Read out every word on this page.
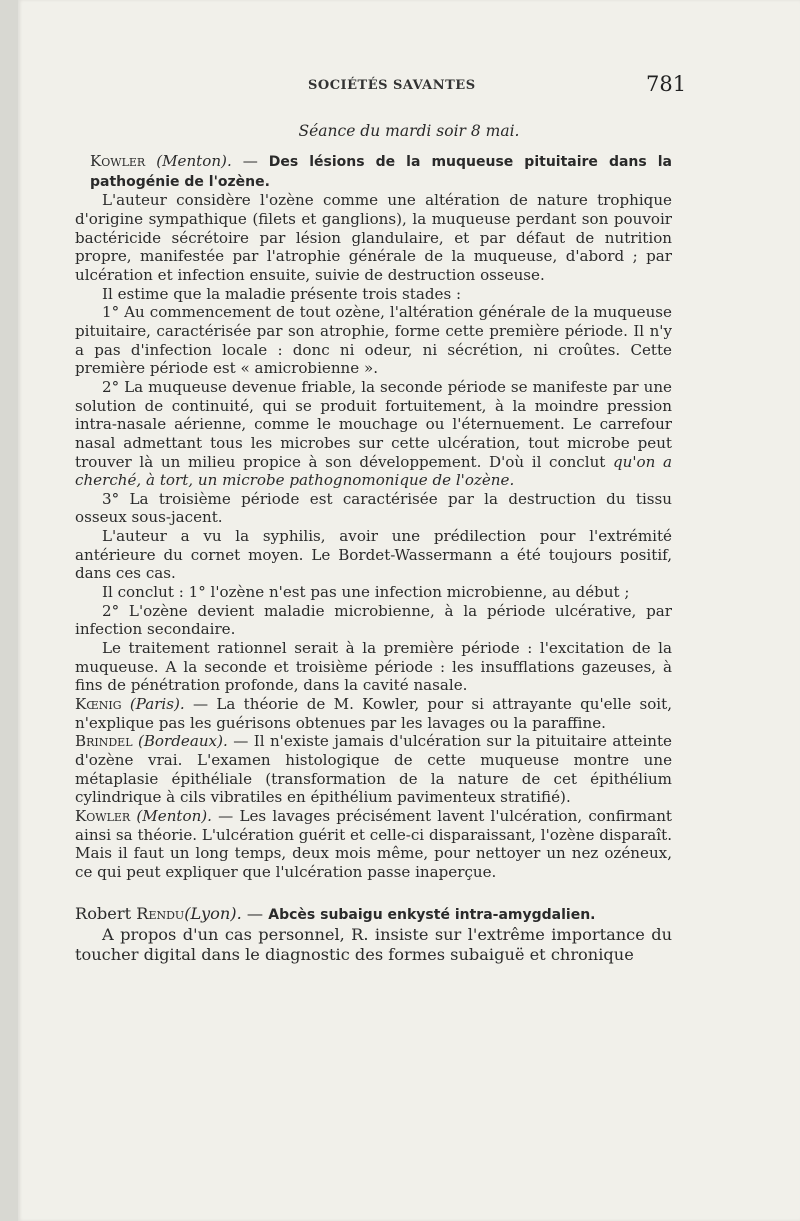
SOCIÉTÉS SAVANTES	781
Séance du mardi soir 8 mai.

Kowler (Menton). — Des lésions de la muqueuse pituitaire dans la pathogénie de l'ozène.

L'auteur considère l'ozène comme une altération de nature trophique d'origine sympathique (filets et ganglions), la muqueuse perdant son pouvoir bactéricide sécrétoire par lésion glandulaire, et par défaut de nutrition propre, manifestée par l'atrophie générale de la muqueuse, d'abord ; par ulcération et infection ensuite, suivie de destruction osseuse.

Il estime que la maladie présente trois stades :

1° Au commencement de tout ozène, l'altération générale de la muqueuse pituitaire, caractérisée par son atrophie, forme cette première période. Il n'y a pas d'infection locale : donc ni odeur, ni sécrétion, ni croûtes. Cette première période est « amicrobienne ».

2° La muqueuse devenue friable, la seconde période se manifeste par une solution de continuité, qui se produit fortuitement, à la moindre pression intra-nasale aérienne, comme le mouchage ou l'éternuement. Le carrefour nasal admettant tous les microbes sur cette ulcération, tout microbe peut trouver là un milieu propice à son développement. D'où il conclut qu'on a cherché, à tort, un microbe pathognomonique de l'ozène.

3° La troisième période est caractérisée par la destruction du tissu osseux sous-jacent.

L'auteur a vu la syphilis, avoir une prédilection pour l'extrémité antérieure du cornet moyen. Le Bordet-Wassermann a été toujours positif, dans ces cas.

Il conclut : 1° l'ozène n'est pas une infection microbienne, au début ;

2° L'ozène devient maladie microbienne, à la période ulcérative, par infection secondaire.

Le traitement rationnel serait à la première période : l'excitation de la muqueuse. A la seconde et troisième période : les insufflations gazeuses, à fins de pénétration profonde, dans la cavité nasale.

Kœnig (Paris). — La théorie de M. Kowler, pour si attrayante qu'elle soit, n'explique pas les guérisons obtenues par les lavages ou la paraffine.

Brindel (Bordeaux). — Il n'existe jamais d'ulcération sur la pituitaire atteinte d'ozène vrai. L'examen histologique de cette muqueuse montre une métaplasie épithéliale (transformation de la nature de cet épithélium cylindrique à cils vibratiles en épithélium pavimenteux stratifié).

Kowler (Menton). — Les lavages précisément lavent l'ulcération, confirmant ainsi sa théorie. L'ulcération guérit et celle-ci disparaissant, l'ozène disparaît. Mais il faut un long temps, deux mois même, pour nettoyer un nez ozéneux, ce qui peut expliquer que l'ulcération passe inaperçue.

Robert Rendu(Lyon). — Abcès subaigu enkysté intra-amygdalien.

A propos d'un cas personnel, R. insiste sur l'extrême importance du toucher digital dans le diagnostic des formes subaiguë et chronique
